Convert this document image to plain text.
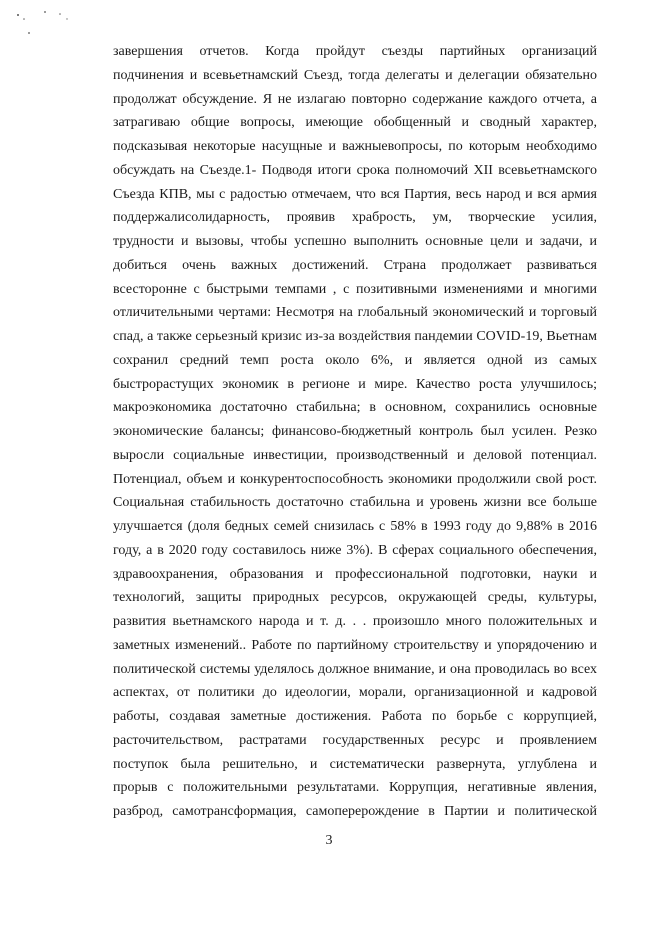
завершения отчетов. Когда пройдут съезды партийных организаций
подчинения и всевьетнамский Съезд, тогда делегаты и делегации обязательно
продолжат обсуждение. Я не излагаю повторно содержание каждого отчета, а
затрагиваю общие вопросы, имеющие обобщенный и сводный характер,
подсказывая некоторые насущные и важныевопросы, по которым необходимо
обсуждать на Съезде.1- Подводя итоги срока полномочий XII всевьетнамского
Съезда КПВ, мы с радостью отмечаем, что вся Партия, весь народ и вся армия
поддержалисолидарность, проявив храбрость, ум, творческие усилия,
трудности и вызовы, чтобы успешно выполнить основные цели и задачи, и
добиться очень важных достижений. Страна продолжает развиваться
всесторонне с быстрыми темпами , с позитивными изменениями и многими
отличительными чертами: Несмотря на глобальный экономический и торговый
спад, а также серьезный кризис из-за воздействия пандемии COVID-19, Вьетнам
сохранил средний темп роста около 6%, и является одной из самых
быстрорастущих экономик в регионе и мире. Качество роста улучшилось;
макроэкономика достаточно стабильна; в основном, сохранились основные
экономические балансы; финансово-бюджетный контроль был усилен. Резко
выросли социальные инвестиции, производственный и деловой потенциал.
Потенциал, объем и конкурентоспособность экономики продолжили свой рост.
Социальная стабильность достаточно стабильна и уровень жизни все больше
улучшается (доля бедных семей снизилась с 58% в 1993 году до 9,88% в 2016
году, а в 2020 году составилось ниже 3%). В сферах социального обеспечения,
здравоохранения, образования и профессиональной подготовки, науки и
технологий, защиты природных ресурсов, окружающей среды, культуры,
развития вьетнамского народа и т. д. . . произошло много положительных и
заметных изменений.. Работе по партийному строительству и упорядочению и
политической системы уделялось должное внимание, и она проводилась во всех
аспектах, от политики до идеологии, морали, организационной и кадровой
работы, создавая заметные достижения. Работа по борьбе с коррупцией,
расточительством, растратами государственных ресурс и проявлением
поступок была решительно, и систематически развернута, углублена и
прорыв с положительными результатами. Коррупция, негативные явления,
разброд, самотрансформация, самоперерождение в Партии и политической
3
